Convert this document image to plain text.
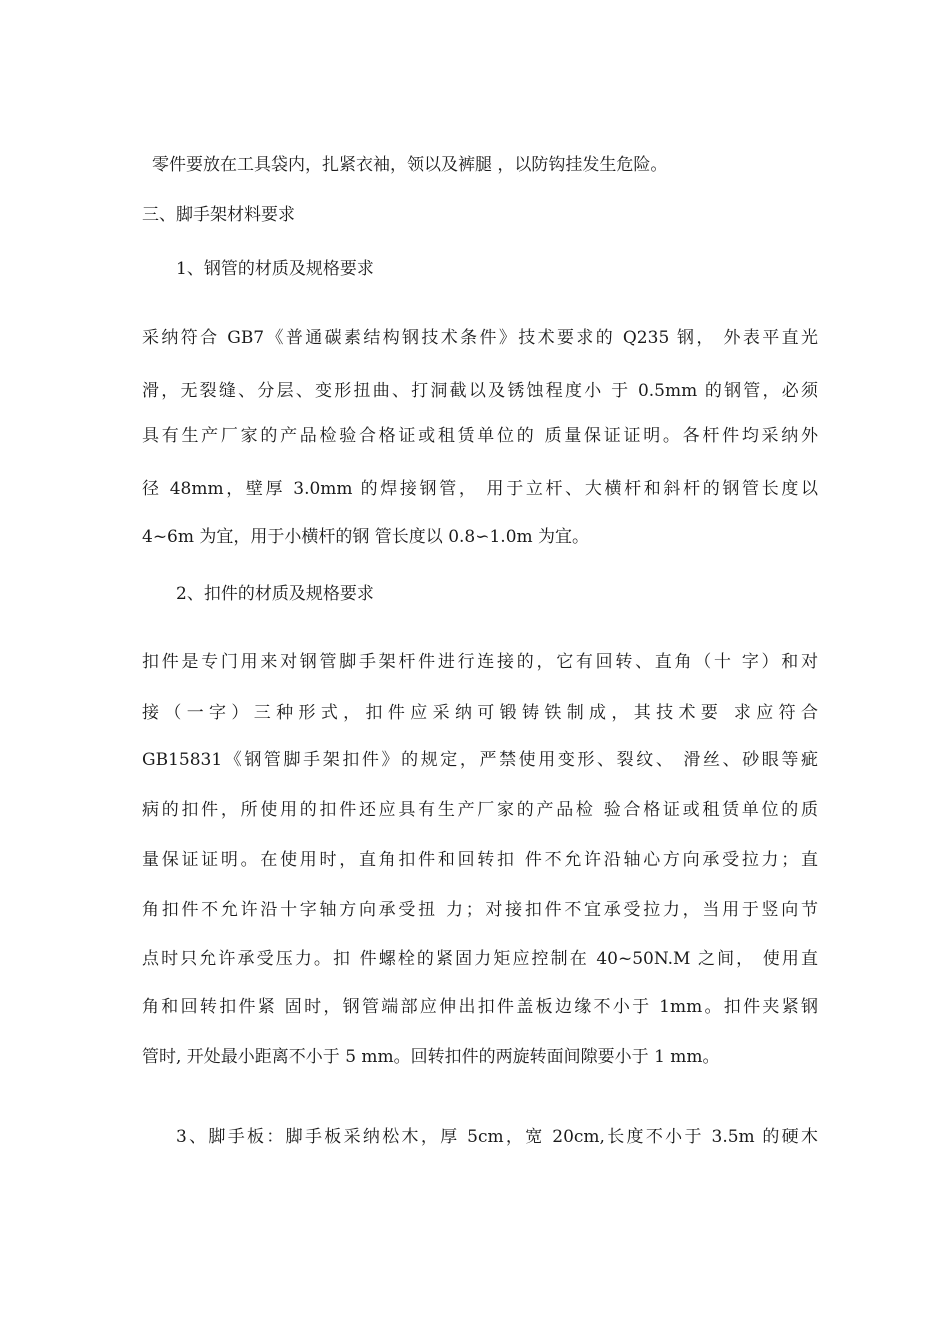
零件要放在工具袋内，扎紧衣袖，领以及裤腿 ，以防钩挂发生危险。
三、脚手架材料要求
1、钢管的材质及规格要求
采纳符合 GB7《普通碳素结构钢技术条件》技术要求的 Q235 钢， 外表平直光
滑，无裂缝、分层、变形扭曲、打洞截以及锈蚀程度小 于 0.5mm 的钢管，必须
具有生产厂家的产品检验合格证或租赁单位的 质量保证证明。各杆件均采纳外
径 48mm，壁厚 3.0mm 的焊接钢管， 用于立杆、大横杆和斜杆的钢管长度以
4~6m 为宜，用于小横杆的钢 管长度以 0.8∽1.0m 为宜。
2、扣件的材质及规格要求
扣件是专门用来对钢管脚手架杆件进行连接的，它有回转、直角（十 字）和对
接（一字）三种形式，扣件应采纳可锻铸铁制成，其技术要 求应符合
GB15831《钢管脚手架扣件》的规定，严禁使用变形、裂纹、 滑丝、砂眼等疵
病的扣件，所使用的扣件还应具有生产厂家的产品检 验合格证或租赁单位的质
量保证证明。在使用时，直角扣件和回转扣 件不允许沿轴心方向承受拉力；直
角扣件不允许沿十字轴方向承受扭 力；对接扣件不宜承受拉力，当用于竖向节
点时只允许承受压力。扣 件螺栓的紧固力矩应控制在 40~50N.M 之间， 使用直
角和回转扣件紧 固时，钢管端部应伸出扣件盖板边缘不小于 1mm。扣件夹紧钢
管时, 开处最小距离不小于 5 mm。回转扣件的两旋转面间隙要小于 1 mm。
3、脚手板：脚手板采纳松木，厚 5cm，宽 20cm,长度不小于 3.5m 的硬木
